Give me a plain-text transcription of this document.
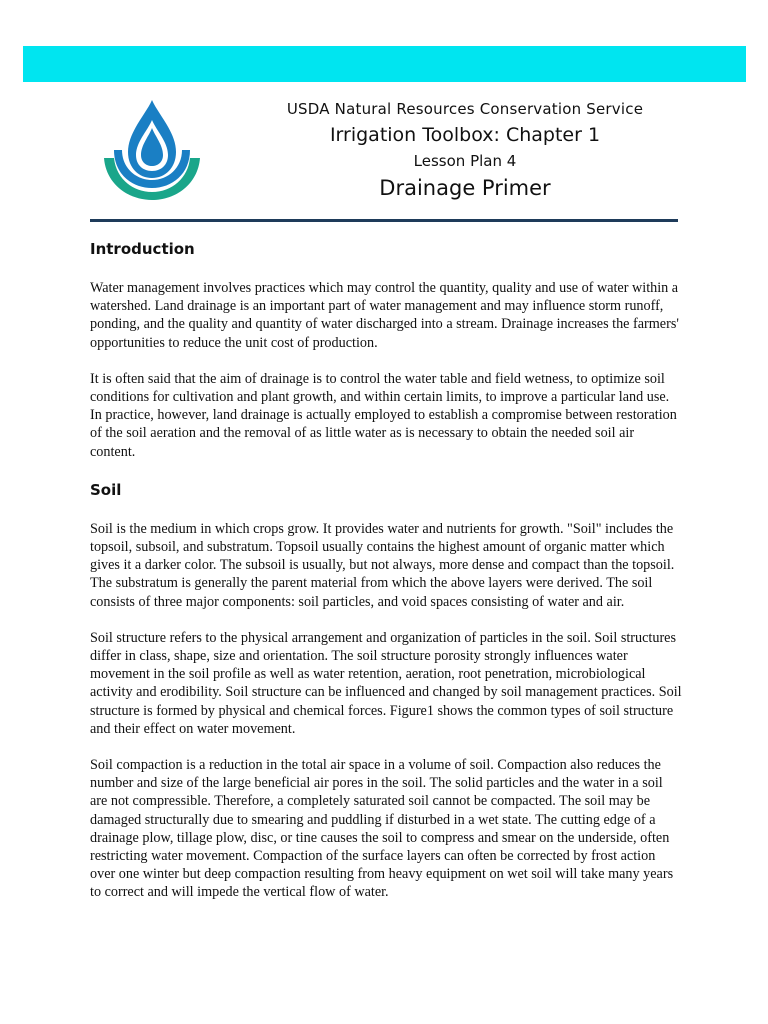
USDA Natural Resources Conservation Service
Irrigation Toolbox: Chapter 1
Lesson Plan 4
Drainage Primer
Introduction

Water management involves practices which may control the quantity, quality and use of water within a watershed. Land drainage is an important part of water management and may influence storm runoff, ponding, and the quality and quantity of water discharged into a stream. Drainage increases the farmers' opportunities to reduce the unit cost of production.

It is often said that the aim of drainage is to control the water table and field wetness, to optimize soil conditions for cultivation and plant growth, and within certain limits, to improve a particular land use. In practice, however, land drainage is actually employed to establish a compromise between restoration of the soil aeration and the removal of as little water as is necessary to obtain the needed soil air content.

Soil

Soil is the medium in which crops grow. It provides water and nutrients for growth. "Soil" includes the topsoil, subsoil, and substratum. Topsoil usually contains the highest amount of organic matter which gives it a darker color. The subsoil is usually, but not always, more dense and compact than the topsoil. The substratum is generally the parent material from which the above layers were derived. The soil consists of three major components: soil particles, and void spaces consisting of water and air.

Soil structure refers to the physical arrangement and organization of particles in the soil. Soil structures differ in class, shape, size and orientation. The soil structure porosity strongly influences water movement in the soil profile as well as water retention, aeration, root penetration, microbiological activity and erodibility. Soil structure can be influenced and changed by soil management practices. Soil structure is formed by physical and chemical forces. Figure1 shows the common types of soil structure and their effect on water movement.

Soil compaction is a reduction in the total air space in a volume of soil. Compaction also reduces the number and size of the large beneficial air pores in the soil. The solid particles and the water in a soil are not compressible. Therefore, a completely saturated soil cannot be compacted. The soil may be damaged structurally due to smearing and puddling if disturbed in a wet state. The cutting edge of a drainage plow, tillage plow, disc, or tine causes the soil to compress and smear on the underside, often restricting water movement. Compaction of the surface layers can often be corrected by frost action over one winter but deep compaction resulting from heavy equipment on wet soil will take many years to correct and will impede the vertical flow of water.
